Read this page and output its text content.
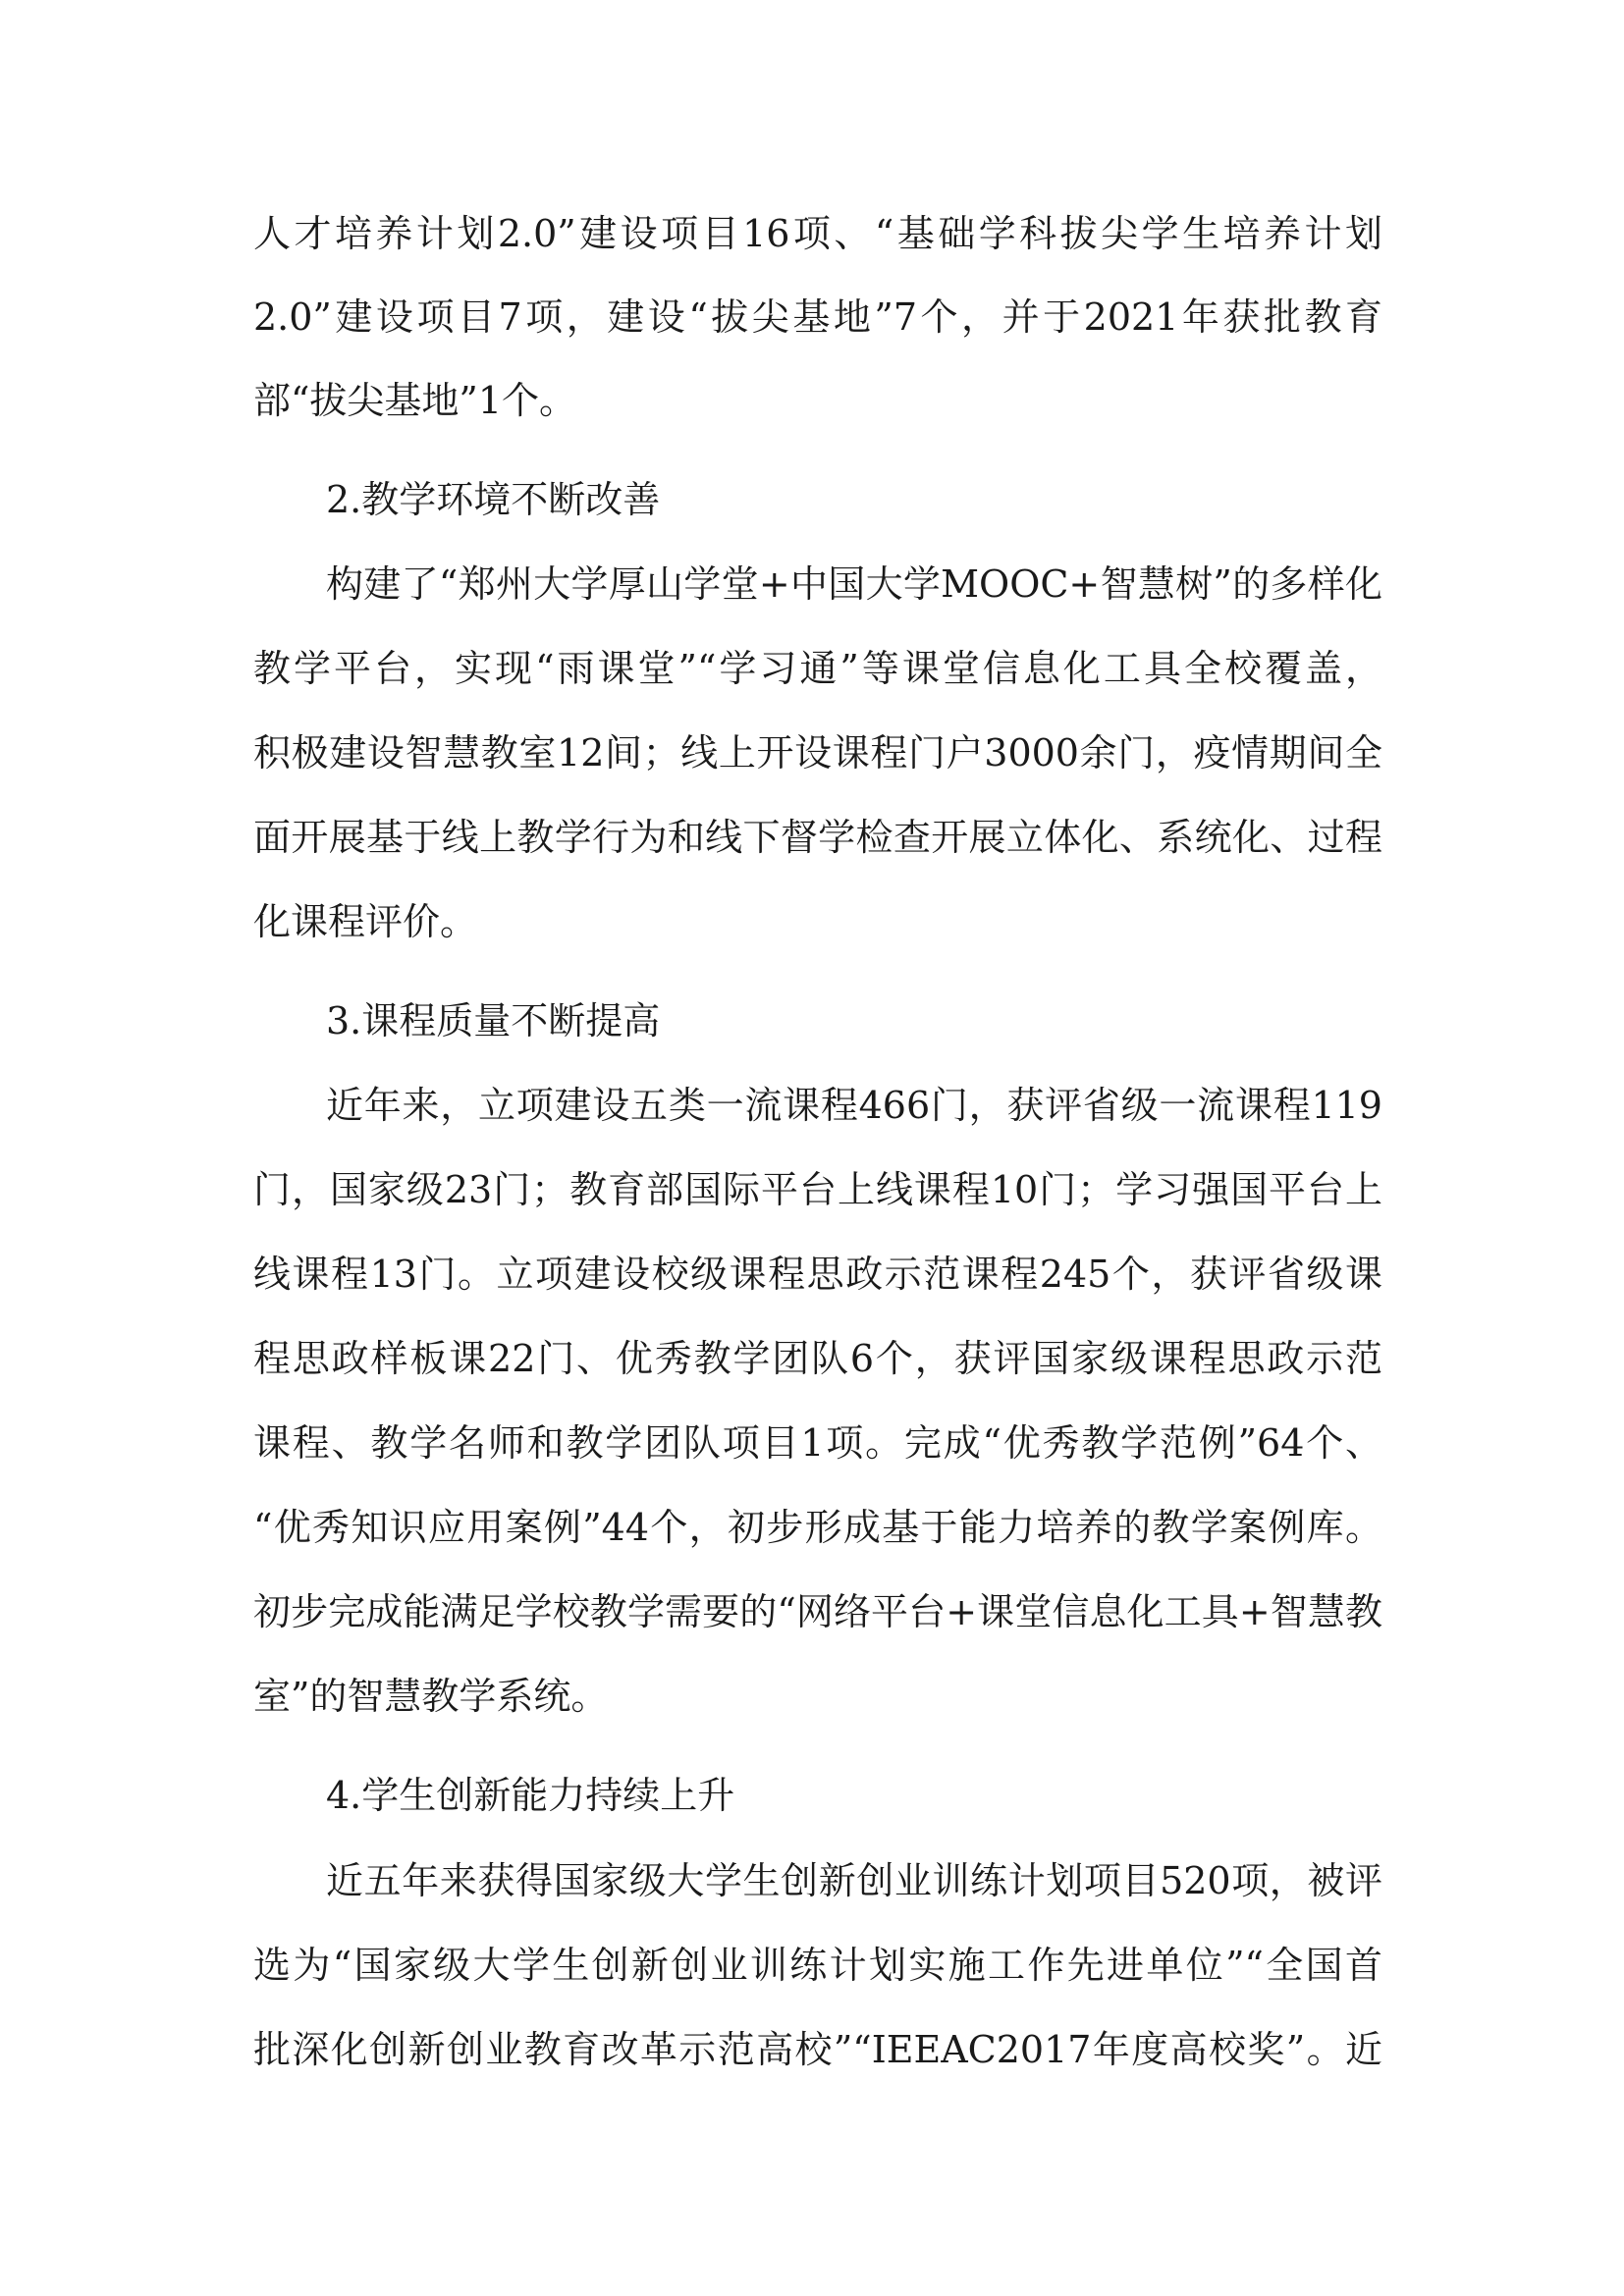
人才培养计划2.0”建设项目16项、“基础学科拔尖学生培养计划
2.0”建设项目7项，建设“拔尖基地”7个，并于2021年获批教育
部“拔尖基地”1个。
2.教学环境不断改善
构建了“郑州大学厚山学堂+中国大学MOOC+智慧树”的多样化
教学平台，实现“雨课堂”“学习通”等课堂信息化工具全校覆盖，
积极建设智慧教室12间；线上开设课程门户3000余门，疫情期间全
面开展基于线上教学行为和线下督学检查开展立体化、系统化、过程
化课程评价。
3.课程质量不断提高
近年来，立项建设五类一流课程466门，获评省级一流课程119
门，国家级23门；教育部国际平台上线课程10门；学习强国平台上
线课程13门。立项建设校级课程思政示范课程245个，获评省级课
程思政样板课22门、优秀教学团队6个，获评国家级课程思政示范
课程、教学名师和教学团队项目1项。完成“优秀教学范例”64个、
“优秀知识应用案例”44个，初步形成基于能力培养的教学案例库。
初步完成能满足学校教学需要的“网络平台+课堂信息化工具+智慧教
室”的智慧教学系统。
4.学生创新能力持续上升
近五年来获得国家级大学生创新创业训练计划项目520项，被评
选为“国家级大学生创新创业训练计划实施工作先进单位”“全国首
批深化创新创业教育改革示范高校”“IEEAC2017年度高校奖”。近
